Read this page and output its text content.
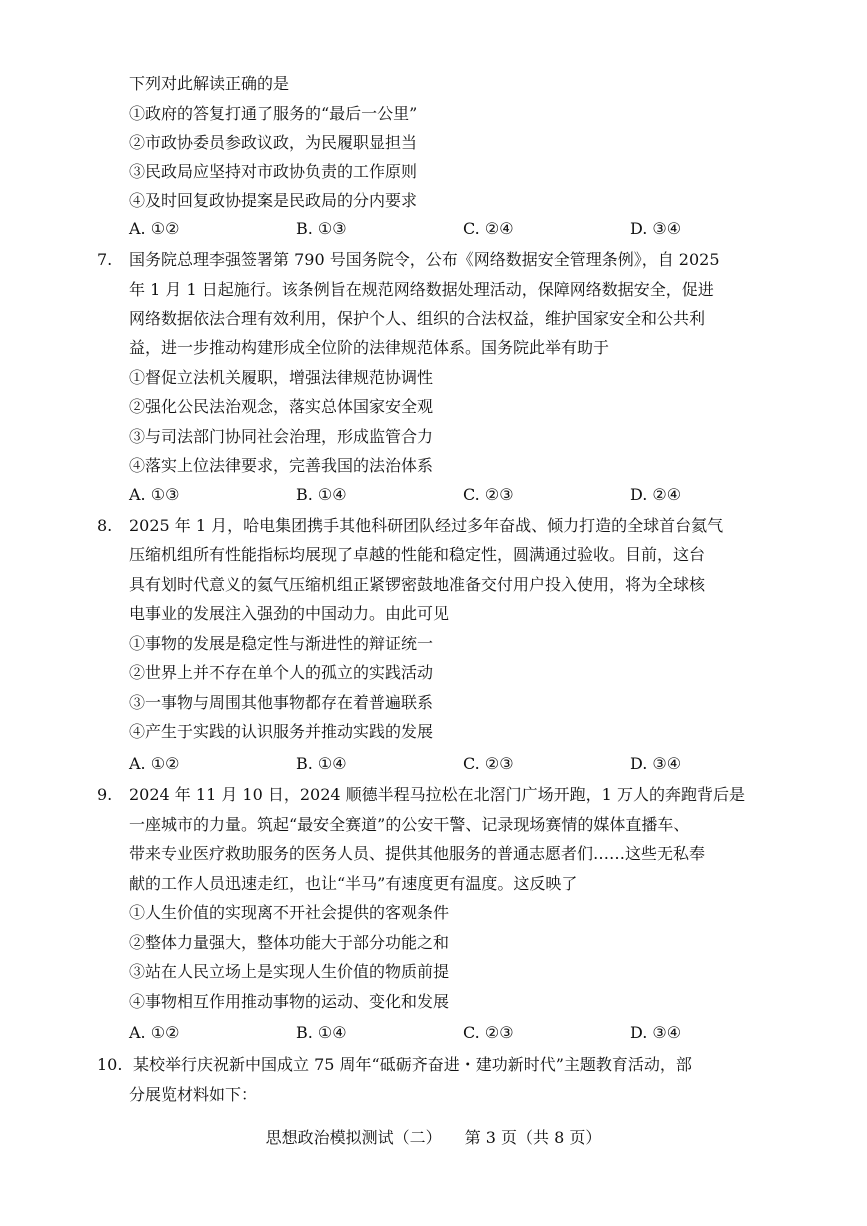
下列对此解读正确的是
①政府的答复打通了服务的“最后一公里”
②市政协委员参政议政，为民履职显担当
③民政局应坚持对市政协负责的工作原则
④及时回复政协提案是民政局的分内要求
A. ①②	B. ①③	C. ②④	D. ③④
7. 国务院总理李强签署第 790 号国务院令，公布《网络数据安全管理条例》，自 2025
年 1 月 1 日起施行。该条例旨在规范网络数据处理活动，保障网络数据安全，促进
网络数据依法合理有效利用，保护个人、组织的合法权益，维护国家安全和公共利
益，进一步推动构建形成全位阶的法律规范体系。国务院此举有助于
①督促立法机关履职，增强法律规范协调性
②强化公民法治观念，落实总体国家安全观
③与司法部门协同社会治理，形成监管合力
④落实上位法律要求，完善我国的法治体系
A. ①③	B. ①④	C. ②③	D. ②④
8. 2025 年 1 月，哈电集团携手其他科研团队经过多年奋战、倾力打造的全球首台氦气
压缩机组所有性能指标均展现了卓越的性能和稳定性，圆满通过验收。目前，这台
具有划时代意义的氦气压缩机组正紧锣密鼓地准备交付用户投入使用，将为全球核
电事业的发展注入强劲的中国动力。由此可见
①事物的发展是稳定性与渐进性的辩证统一
②世界上并不存在单个人的孤立的实践活动
③一事物与周围其他事物都存在着普遍联系
④产生于实践的认识服务并推动实践的发展
A. ①②	B. ①④	C. ②③	D. ③④
9. 2024 年 11 月 10 日，2024 顺德半程马拉松在北滘门广场开跑，1 万人的奔跑背后是
一座城市的力量。筑起“最安全赛道”的公安干警、记录现场赛情的媒体直播车、
带来专业医疗救助服务的医务人员、提供其他服务的普通志愿者们……这些无私奉
献的工作人员迅速走红，也让“半马”有速度更有温度。这反映了
①人生价值的实现离不开社会提供的客观条件
②整体力量强大，整体功能大于部分功能之和
③站在人民立场上是实现人生价值的物质前提
④事物相互作用推动事物的运动、变化和发展
A. ①②	B. ①④	C. ②③	D. ③④
10. 某校举行庆祝新中国成立 75 周年“砥砺齐奋进・建功新时代”主题教育活动，部
分展览材料如下：
思想政治模拟测试（二） 第 3 页（共 8 页）
